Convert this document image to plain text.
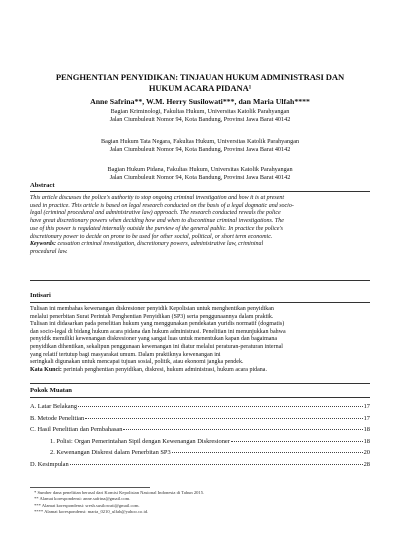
PENGHENTIAN PENYIDIKAN: TINJAUAN HUKUM ADMINISTRASI DAN
HUKUM ACARA PIDANA¹
Anne Safrina**, W.M. Herry Susilowati***, dan Maria Ulfah****
Bagian Kriminologi, Fakultas Hukum, Universitas Katolik Parahyangan
Jalan Ciumbuleuit Nomor 94, Kota Bandung, Provinsi Jawa Barat 40142
Bagian Hukum Tata Negara, Fakultas Hukum, Universitas Katolik Parahyangan
Jalan Ciumbuleuit Nomor 94, Kota Bandung, Provinsi Jawa Barat 40142
Bagian Hukum Pidana, Fakultas Hukum, Universitas Katolik Parahyangan
Jalan Ciumbuleuit Nomor 94, Kota Bandung, Provinsi Jawa Barat 40142
Abstract
This article discusses the police's authority to stop ongoing criminal investigation and how it is at present
used in practice. This article is based on legal research conducted on the basis of a legal dogmatic and socio-
legal (criminal procedural and administrative law) approach. The research conducted reveals the police
have great discretionary powers when deciding how and when to discontinue criminal investigations. The
use of this power is regulated internally outside the purview of the general public. In practice the police's
discretionary power to decide on prone to be used for other social, political, or short term economic.
Keywords: cessation criminal investigation, discretionary powers, administrative law, crimininal
procedural law.
Intisari
Tulisan ini membahas kewenangan diskresioner penyidik Kepolisian untuk menghentikan penyidikan
melalui penerbitan Surat Perintah Penghentian Penyidikan (SP3) serta penggunaannya dalam praktik.
Tulisan ini didasarkan pada penelitian hukum yang menggunakan pendekatan yuridis normatif (dogmatis)
dan socio-legal di bidang hukum acara pidana dan hukum administrasi. Penelitian ini menunjukkan bahwa
penyidik memiliki kewenangan diskresioner yang sangat luas untuk menentukan kapan dan bagaimana
penyidikan dihentikan, sekalipun penggunaan kewenangan ini diatur melalui peraturan-peraturan internal
yang relatif tertutup bagi masyarakat umum. Dalam praktiknya kewenangan ini
seringkali digunakan untuk mencapai tujuan sosial, politik, atau ekonomi jangka pendek.
Kata Kunci: perintah penghentian penyidikan, diskresi, hukum administrasi, hukum acara pidana.
Pokok Muatan
A. Latar Belakang	17
B. Metode Penelitian	17
C. Hasil Penelitian dan Pembahasan	18
1. Polisi: Organ Pemerintahan Sipil dengan Kewenangan Diskresioner	18
2. Kewenangan Diskresi dalam Penerbitan SP3	20
D. Kesimpulan	28
* Sumber dana penelitian berasal dari Komisi Kepolisian Nasional Indonesia di Tahun 2015.
** Alamat korespondensi: anne.safrina@gmail.com.
*** Alamat korespondensi: sresh.susilowati@gmail.com.
**** Alamat korespondensi: maria_0210_ulfah@yahoo.co.id.
